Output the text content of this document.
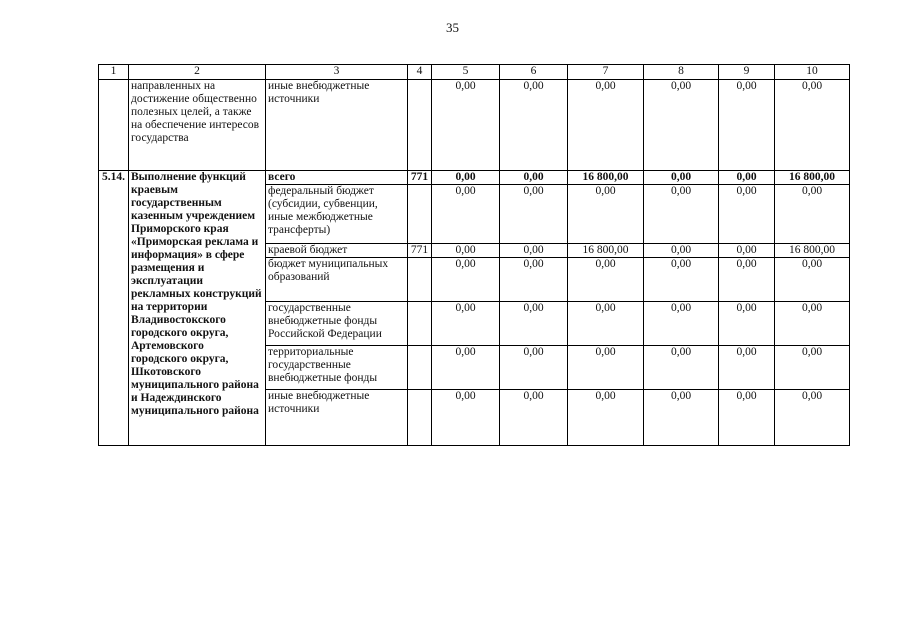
35
1	2	3	4	5	6	7	8	9	10
	направленных на достижение общественно полезных целей, а также на обеспечение интересов государства	иные внебюджетные источники		0,00	0,00	0,00	0,00	0,00	0,00
5.14.	Выполнение функций краевым государственным казенным учреждением Приморского края «Приморская реклама и информация» в сфере размещения и эксплуатации рекламных конструкций на территории Владивостокского городского округа, Артемовского городского округа, Шкотовского муниципального района и Надеждинского муниципального района	всего	771	0,00	0,00	16 800,00	0,00	0,00	16 800,00
		федеральный бюджет (субсидии, субвенции, иные межбюджетные трансферты)		0,00	0,00	0,00	0,00	0,00	0,00
		краевой бюджет	771	0,00	0,00	16 800,00	0,00	0,00	16 800,00
		бюджет муниципальных образований		0,00	0,00	0,00	0,00	0,00	0,00
		государственные внебюджетные фонды Российской Федерации		0,00	0,00	0,00	0,00	0,00	0,00
		территориальные государственные внебюджетные фонды		0,00	0,00	0,00	0,00	0,00	0,00
		иные внебюджетные источники		0,00	0,00	0,00	0,00	0,00	0,00
